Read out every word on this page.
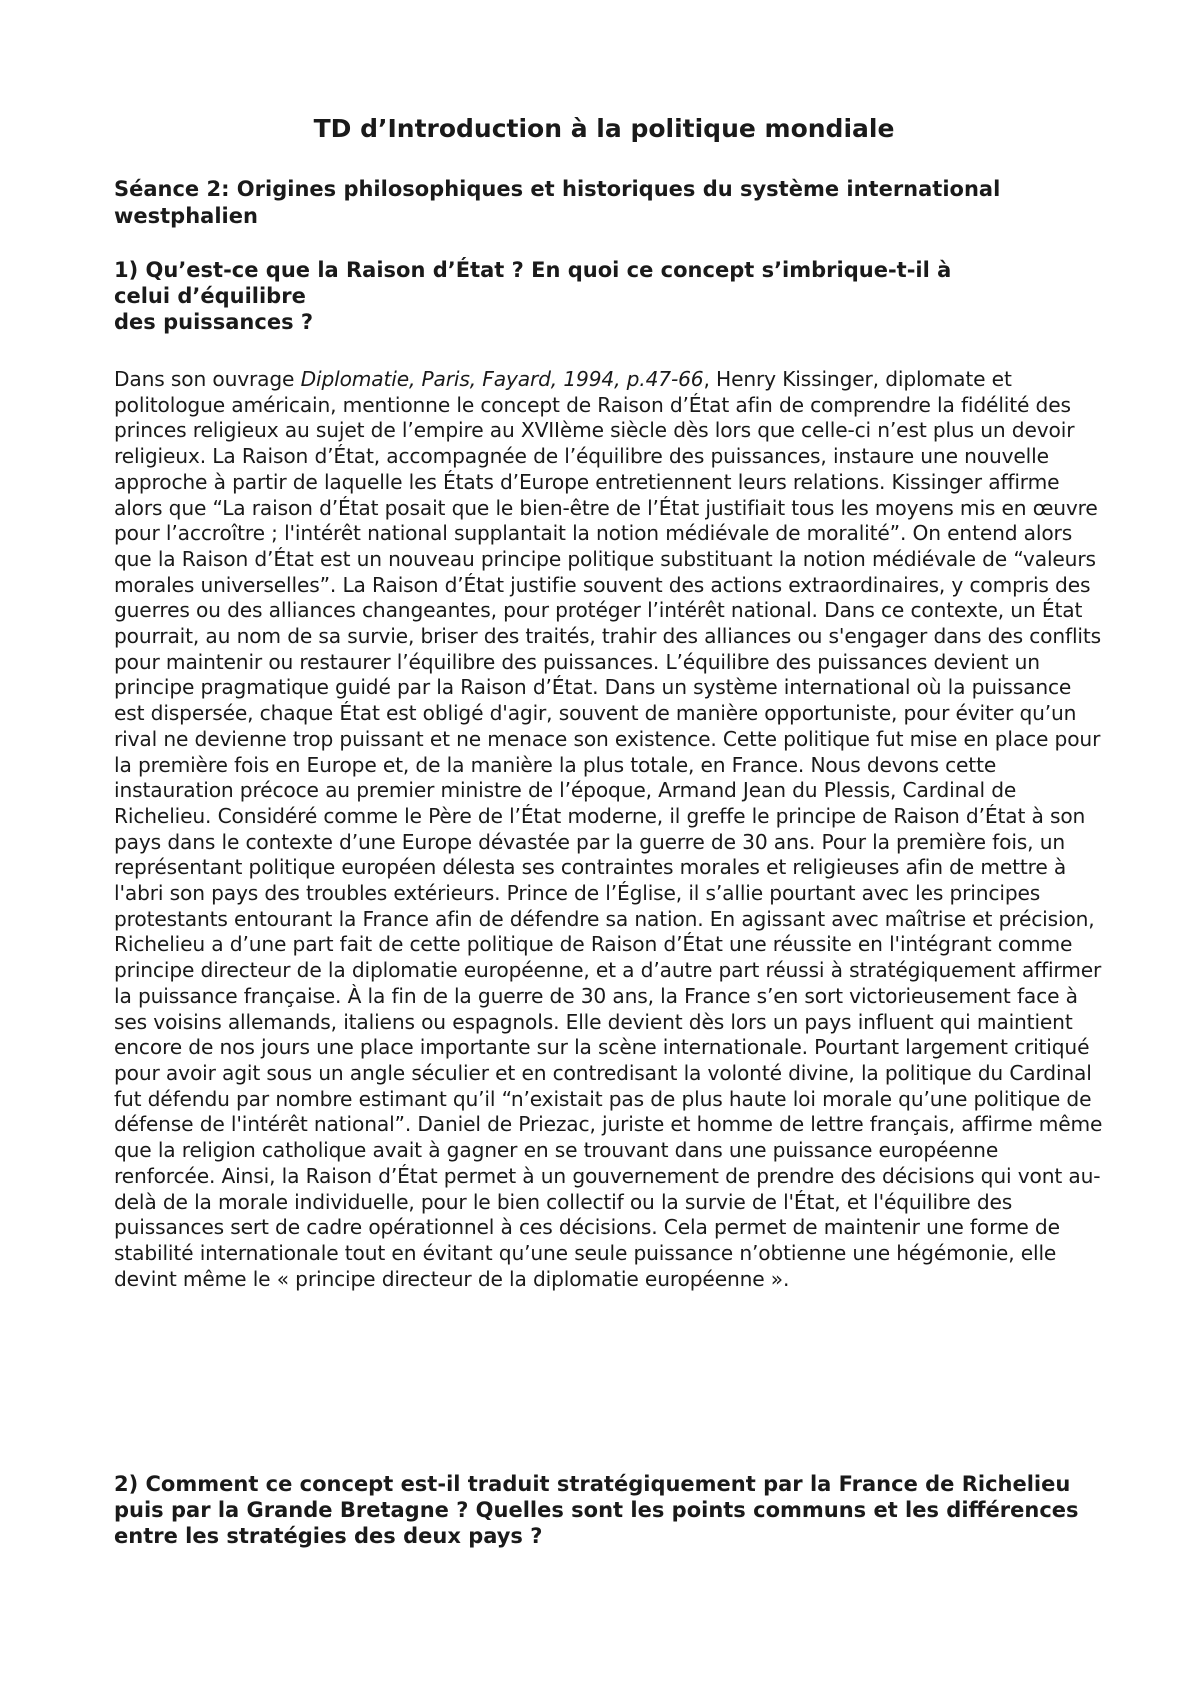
TD d’Introduction à la politique mondiale
Séance 2: Origines philosophiques et historiques du système international westphalien
1) Qu’est-ce que la Raison d’État ? En quoi ce concept s’imbrique-t-il à
celui d’équilibre
des puissances ?

Dans son ouvrage Diplomatie, Paris, Fayard, 1994, p.47-66, Henry Kissinger, diplomate et politologue américain, mentionne le concept de Raison d’État afin de comprendre la fidélité des princes religieux au sujet de l’empire au XVIIème siècle dès lors que celle-ci n’est plus un devoir religieux. La Raison d’État, accompagnée de l’équilibre des puissances, instaure une nouvelle approche à partir de laquelle les États d’Europe entretiennent leurs relations. Kissinger affirme alors que “La raison d’État posait que le bien-être de l’État justifiait tous les moyens mis en œuvre pour l’accroître ; l'intérêt national supplantait la notion médiévale de moralité”. On entend alors que la Raison d’État est un nouveau principe politique substituant la notion médiévale de “valeurs morales universelles”. La Raison d’État justifie souvent des actions extraordinaires, y compris des guerres ou des alliances changeantes, pour protéger l’intérêt national. Dans ce contexte, un État pourrait, au nom de sa survie, briser des traités, trahir des alliances ou s'engager dans des conflits pour maintenir ou restaurer l’équilibre des puissances. L’équilibre des puissances devient un principe pragmatique guidé par la Raison d’État. Dans un système international où la puissance est dispersée, chaque État est obligé d'agir, souvent de manière opportuniste, pour éviter qu’un rival ne devienne trop puissant et ne menace son existence. Cette politique fut mise en place pour la première fois en Europe et, de la manière la plus totale, en France. Nous devons cette instauration précoce au premier ministre de l’époque, Armand Jean du Plessis, Cardinal de Richelieu. Considéré comme le Père de l’État moderne, il greffe le principe de Raison d’État à son pays dans le contexte d’une Europe dévastée par la guerre de 30 ans. Pour la première fois, un représentant politique européen délesta ses contraintes morales et religieuses afin de mettre à l'abri son pays des troubles extérieurs. Prince de l’Église, il s’allie pourtant avec les principes protestants entourant la France afin de défendre sa nation. En agissant avec maîtrise et précision, Richelieu a d’une part fait de cette politique de Raison d’État une réussite en l'intégrant comme principe directeur de la diplomatie européenne, et a d’autre part réussi à stratégiquement affirmer la puissance française. À la fin de la guerre de 30 ans, la France s’en sort victorieusement face à ses voisins allemands, italiens ou espagnols. Elle devient dès lors un pays influent qui maintient encore de nos jours une place importante sur la scène internationale. Pourtant largement critiqué pour avoir agit sous un angle séculier et en contredisant la volonté divine, la politique du Cardinal fut défendu par nombre estimant qu’il “n’existait pas de plus haute loi morale qu’une politique de défense de l'intérêt national”. Daniel de Priezac, juriste et homme de lettre français, affirme même que la religion catholique avait à gagner en se trouvant dans une puissance européenne renforcée. Ainsi, la Raison d’État permet à un gouvernement de prendre des décisions qui vont au-delà de la morale individuelle, pour le bien collectif ou la survie de l'État, et l'équilibre des puissances sert de cadre opérationnel à ces décisions. Cela permet de maintenir une forme de stabilité internationale tout en évitant qu’une seule puissance n’obtienne une hégémonie, elle devint même le « principe directeur de la diplomatie européenne ».

2) Comment ce concept est-il traduit stratégiquement par la France de Richelieu puis par la Grande Bretagne ? Quelles sont les points communs et les différences entre les stratégies des deux pays ?
